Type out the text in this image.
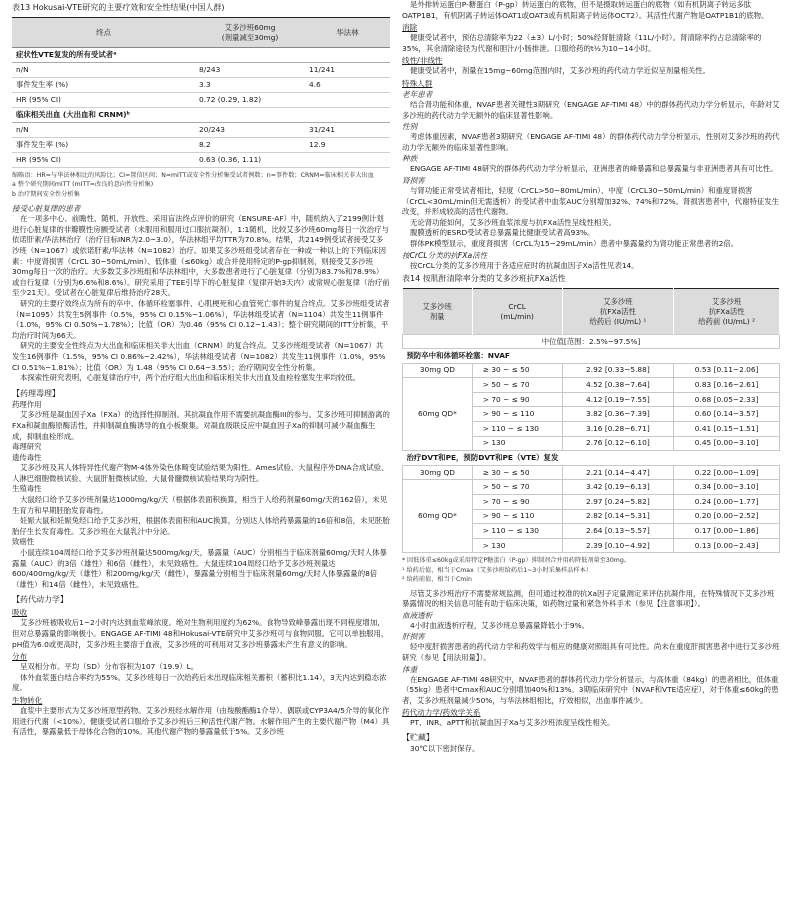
表13 Hokusai-VTE研究的主要疗效和安全性结果(中国人群)
终点	艾多沙班60mg
(剂量减至30mg)	华法林
症状性VTE复发的所有受试者ᵃ		
n/N	8/243	11/241
事件发生率 (%)	3.3	4.6
HR (95% CI)	0.72 (0.29, 1.82)	
临床相关出血 (大出血和 CRNM)ᵇ		
n/N	20/243	31/241
事件发生率 (%)	8.2	12.9
HR (95% CI)	0.63 (0.36, 1.11)	
缩略语：HR=与华法林相比的风险比；CI=置信区间；N=mITT或安全性分析集受试者例数；n=事件数；CRNM=临床相关非大出血
a 整个研究期间mITT (mITT=改良的意向性分析集)
b 治疗期间安全性分析集
接受心脏复律的患者

在一项多中心、前瞻性、随机、开放性、采用盲法终点评价的研究（ENSURE-AF）中，随机纳入了2199例计划进行心脏复律的非瓣膜性房颤受试者（未服用和服用过口服抗凝剂），1:1随机，比较艾多沙班60mg每日一次治疗与依诺肝素/华法林治疗（治疗目标INR为2.0~3.0），华法林组平均TTR为70.8%。结果，共2149例受试者接受艾多沙班（N=1067）或依诺肝素/华法林（N=1082）治疗。如果艾多沙班组受试者存在一种或一种以上的下列临床因素：中度肾损害（CrCL 30~50mL/min）、低体重（≤60kg）或合并使用特定的P-gp抑制剂，则接受艾多沙班30mg每日一次的治疗。大多数艾多沙班组和华法林组中，大多数患者进行了心脏复律（分别为83.7%和78.9%）或自行复律（分别为6.6%和8.6%）。研究采用了TEE引导下的心脏复律（复律开始3天内）或常规心脏复律（治疗前至少21天）。受试者在心脏复律后维持治疗28天。

研究的主要疗效终点为所有的卒中、体循环栓塞事件、心肌梗死和心血管死亡事件的复合终点。艾多沙班组受试者（N=1095）共发生5例事件（0.5%，95% CI 0.15%~1.06%），华法林组受试者（N=1104）共发生11例事件（1.0%，95% CI 0.50%~1.78%）；比值（OR）为0.46（95% CI 0.12~1.43）；整个研究期间的ITT分析集，平均治疗时间为66天。

研究的主要安全性终点为大出血和临床相关非大出血（CRNM）的复合终点。艾多沙班组受试者（N=1067）共发生16例事件（1.5%，95% CI 0.86%~2.42%），华法林组受试者（N=1082）共发生11例事件（1.0%，95% CI 0.51%~1.81%）；比值（OR）为 1.48（95% CI 0.64~3.55）；治疗期间安全性分析集。

本探索性研究表明，心脏复律治疗中，两个治疗组大出血和临床相关非大出血及血栓栓塞发生率均较低。

【药理毒理】
药理作用

艾多沙班是凝血因子Xa（FXa）的选择性抑制剂。其抗凝血作用不需要抗凝血酶III的参与。艾多沙班可抑制游离的FXa和凝血酶原酶活性，并抑制凝血酶诱导的血小板聚集。对凝血级联反应中凝血因子Xa的抑制可减少凝血酶生成，抑制血栓形成。

毒理研究
遗传毒性

艾多沙班及其人体特异性代谢产物M-4体外染色体畸变试验结果为阳性。Ames试验、大鼠程序外DNA合成试验、人淋巴细胞微核试验、大鼠肝脏微核试验、大鼠骨髓微核试验结果均为阴性。

生殖毒性

大鼠经口给予艾多沙班剂量达1000mg/kg/天（根据体表面积换算，相当于人给药剂量60mg/天的162倍），未见生育力和早期胚胎发育毒性。

妊娠大鼠和妊娠兔经口给予艾多沙班，根据体表面积和AUC换算，分别达人体给药暴露量的16倍和8倍，未见胚胎胎仔生长发育毒性。艾多沙班在大鼠乳汁中分泌。

致癌性

小鼠连续104周经口给予艾多沙班剂量达500mg/kg/天，暴露量（AUC）分别相当于临床剂量60mg/天时人体暴露量（AUC）的3倍（雄性）和6倍（雌性），未见致癌性。大鼠连续104周经口给予艾多沙班剂量达600/400mg/kg/天（雄性）和200mg/kg/天（雌性），暴露量分别相当于临床剂量60mg/天时人体暴露量的8倍（雄性）和14倍（雌性），未见致癌性。

【药代动力学】
吸收

艾多沙班被吸收后1~2小时内达到血浆峰浓度。绝对生物利用度约为62%。食物导致峰暴露出现不同程度增加，但对总暴露量的影响极小。ENGAGE AF-TIMI 48和Hokusai-VTE研究中艾多沙班可与食物同服。它可以单独服用，pH值为6.0或更高时，艾多沙班主要溶于血液，艾多沙班的可利用对艾多沙班暴露未产生有意义的影响。

分布

呈双相分布。平均（SD）分布容积为107（19.9）L。

体外血浆蛋白结合率约为55%。艾多沙班每日一次给药后未出现临床相关蓄积（蓄积比1.14），3天内达到稳态浓度。

生物转化

血浆中主要形式为艾多沙班原型药物。艾多沙班经水解作用（由羧酸酯酶1介导）、偶联或CYP3A4/5介导的氧化作用进行代谢（<10%）。健康受试者口服给予艾多沙班后三种活性代谢产物。水解作用产生的主要代谢产物（M4）具有活性，暴露量低于母体化合物的10%。其他代谢产物的暴露量低于5%。艾多沙班

是外排转运蛋白P-糖蛋白（P-gp）转运蛋白的底物，但不是摄取转运蛋白的底物（如有机阴离子转运多肽OATP1B1，有机阴离子转运体OAT1或OAT3或有机阳离子转运体OCT2）。其活性代谢产物是OATP1B1的底物。

消除

健康受试者中，预估总清除率为22（±3）L/小时；50%经肾脏清除（11L/小时）。肾清除率约占总清除率的35%，其余清除途径为代谢和胆汁/小肠排泄。口服给药的t½为10~14小时。

线性/非线性

健康受试者中，剂量在15mg~60mg范围内时，艾多沙班的药代动力学近似呈剂量相关性。

特殊人群
老年患者

结合肾功能和体重，NVAF患者关键性3期研究（ENGAGE AF-TIMI 48）中的群体药代动力学分析显示，年龄对艾多沙班的药代动力学无额外的临床显著性影响。

性别

考虑体重因素，NVAF患者3期研究（ENGAGE AF-TIMI 48）的群体药代动力学分析显示，性别对艾多沙班的药代动力学无额外的临床显著性影响。

种族

ENGAGE AF-TIMI 48研究的群体药代动力学分析显示，亚洲患者的峰暴露和总暴露量与非亚洲患者具有可比性。

肾损害

与肾功能正常受试者相比，轻度（CrCL>50~80mL/min）、中度（CrCL30~50mL/min）和重度肾损害（CrCL<30mL/min但无需透析）的受试者中血浆AUC分别增加32%、74%和72%。肾损害患者中，代谢特征发生改变，并形成较高的活性代谢物。

无论肾功能如何，艾多沙班血浆浓度与抗FXa活性呈线性相关。

腹膜透析的ESRD受试者总暴露量比健康受试者高93%。

群体PK模型显示，重度肾损害（CrCL为15~29mL/min）患者中暴露量约为肾功能正常患者的2倍。

按CrCL分类的抗FXa活性

按CrCL分类的艾多沙班用于各适应症时的抗凝血因子Xa活性见表14。

表14 按肌酐清除率分类的艾多沙班抗FXa活性
艾多沙班
剂量	CrCL
(mL/min)	艾多沙班
抗FXa活性
给药后 (IU/mL) ¹	艾多沙班
抗FXa活性
给药前 (IU/mL) ²
中位值[范围：2.5%~97.5%]			
预防卒中和体循环栓塞：NVAF			
30mg QD	≥ 30 ~ ≤ 50	2.92 [0.33~5.88]	0.53 [0.11~2.06]
60mg QD*	> 50 ~ ≤ 70	4.52 [0.38~7.64]	0.83 [0.16~2.61]
	> 70 ~ ≤ 90	4.12 [0.19~7.55]	0.68 [0.05~2.33]
	> 90 ~ ≤ 110	3.82 [0.36~7.39]	0.60 [0.14~3.57]
	> 110 ~ ≤ 130	3.16 [0.28~6.71]	0.41 [0.15~1.51]
	> 130	2.76 [0.12~6.10]	0.45 [0.00~3.10]
治疗DVT和PE，预防DVT和PE（VTE）复发			
30mg QD	≥ 30 ~ ≤ 50	2.21 [0.14~4.47]	0.22 [0.00~1.09]
60mg QD*	> 50 ~ ≤ 70	3.42 [0.19~6.13]	0.34 [0.00~3.10]
	> 70 ~ ≤ 90	2.97 [0.24~5.82]	0.24 [0.00~1.77]
	> 90 ~ ≤ 110	2.82 [0.14~5.31]	0.20 [0.00~2.52]
	> 110 ~ ≤ 130	2.64 [0.13~5.57]	0.17 [0.00~1.86]
	> 130	2.39 [0.10~4.92]	0.13 [0.00~2.43]
* 因低体重≤60kg或采用特定P糖蛋白（P-gp）抑制剂合并用药降低剂量至30mg。
¹ 给药后值，相当于Cmax（艾多沙班给药后1~3小时采集样品样本）
² 给药前值，相当于Cmin

尽管艾多沙班治疗不需要常规监测，但可通过校准的抗Xa因子定量测定来评估抗凝作用，在特殊情况下艾多沙班暴露情况的相关信息可能有助于临床决策，如药物过量和紧急外科手术（参见【注意事项】）。

血液透析

4小时血液透析疗程，艾多沙班总暴露量降低小于9%。

肝损害

轻中度肝损害患者的药代动力学和药效学与相应的健康对照组具有可比性。尚未在重度肝损害患者中进行艾多沙班研究（参见【用法用量】）。

体重

在ENGAGE AF-TIMI 48研究中，NVAF患者的群体药代动力学分析显示，与高体重（84kg）的患者相比，低体重（55kg）患者中Cmax和AUC分别增加40%和13%。3期临床研究中（NVAF和VTE适应症），对于体重≤60kg的患者，艾多沙班剂量减少50%，与华法林组相比，疗效相似，出血事件减少。

药代动力学/药效学关系

PT、INR、aPTT和抗凝血因子Xa与艾多沙班浓度呈线性相关。

【贮藏】

30℃以下密封保存。
